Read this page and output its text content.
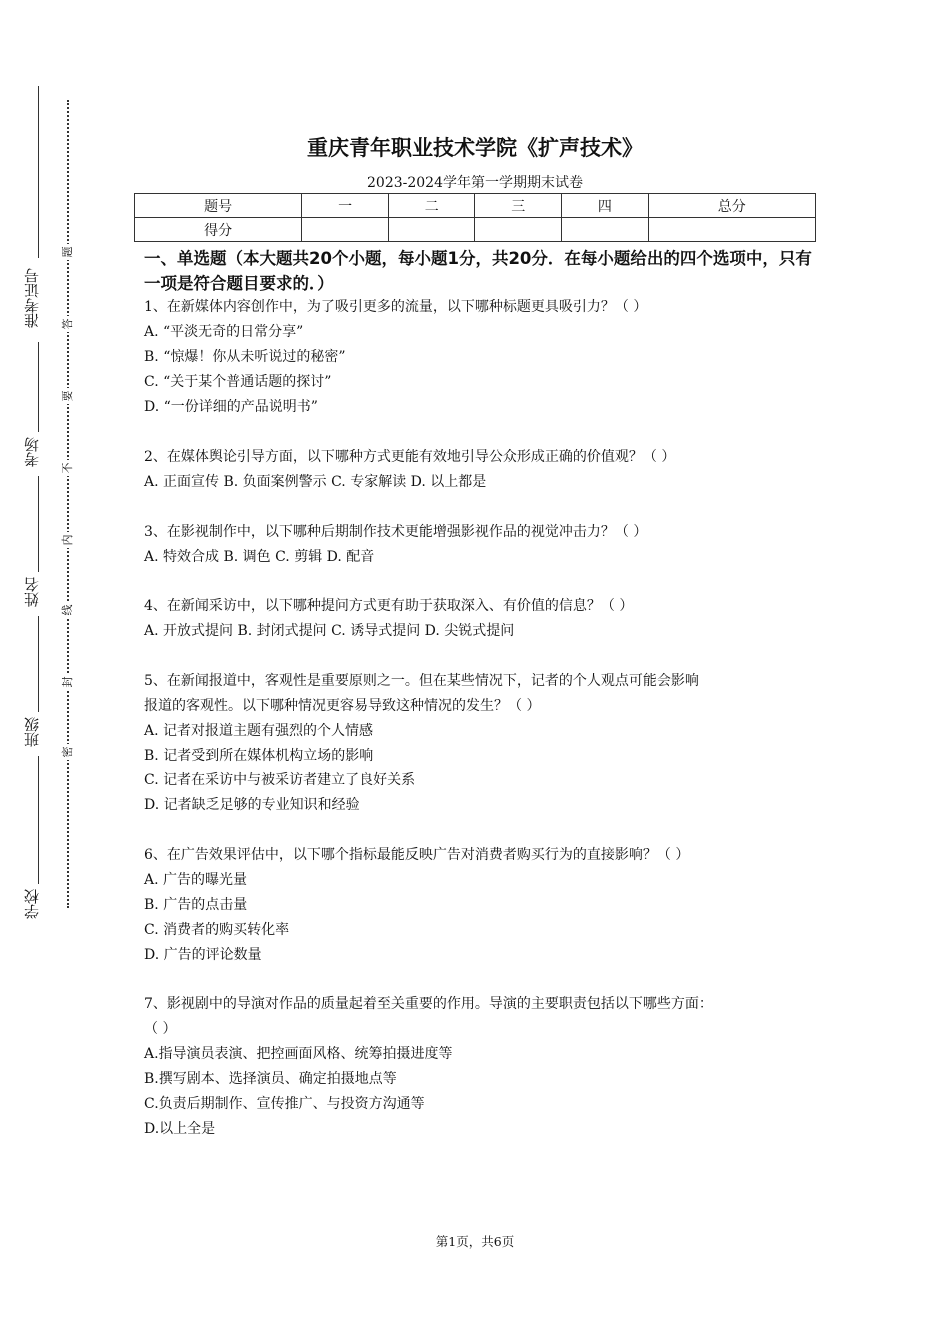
准考证号
考场
姓名
班级
学校
密
封
线
内
不
要
答
题
重庆青年职业技术学院《扩声技术》
2023-2024学年第一学期期末试卷
题号	一	二	三	四	总分
得分					
一、单选题（本大题共20个小题，每小题1分，共20分．在每小题给出的四个选项中，只有一项是符合题目要求的．）
1、在新媒体内容创作中，为了吸引更多的流量，以下哪种标题更具吸引力？（ ）
A. “平淡无奇的日常分享”
B. “惊爆！你从未听说过的秘密”
C. “关于某个普通话题的探讨”
D. “一份详细的产品说明书”
2、在媒体舆论引导方面，以下哪种方式更能有效地引导公众形成正确的价值观？（ ）
A. 正面宣传 B. 负面案例警示 C. 专家解读 D. 以上都是
3、在影视制作中，以下哪种后期制作技术更能增强影视作品的视觉冲击力？（ ）
A. 特效合成 B. 调色 C. 剪辑 D. 配音
4、在新闻采访中，以下哪种提问方式更有助于获取深入、有价值的信息？（ ）
A. 开放式提问 B. 封闭式提问 C. 诱导式提问 D. 尖锐式提问
5、在新闻报道中，客观性是重要原则之一。但在某些情况下，记者的个人观点可能会影响
报道的客观性。以下哪种情况更容易导致这种情况的发生？（ ）
A. 记者对报道主题有强烈的个人情感
B. 记者受到所在媒体机构立场的影响
C. 记者在采访中与被采访者建立了良好关系
D. 记者缺乏足够的专业知识和经验
6、在广告效果评估中，以下哪个指标最能反映广告对消费者购买行为的直接影响？（ ）
A. 广告的曝光量
B. 广告的点击量
C. 消费者的购买转化率
D. 广告的评论数量
7、影视剧中的导演对作品的质量起着至关重要的作用。导演的主要职责包括以下哪些方面：
（ ）
A.指导演员表演、把控画面风格、统筹拍摄进度等
B.撰写剧本、选择演员、确定拍摄地点等
C.负责后期制作、宣传推广、与投资方沟通等
D.以上全是
第1页，共6页
